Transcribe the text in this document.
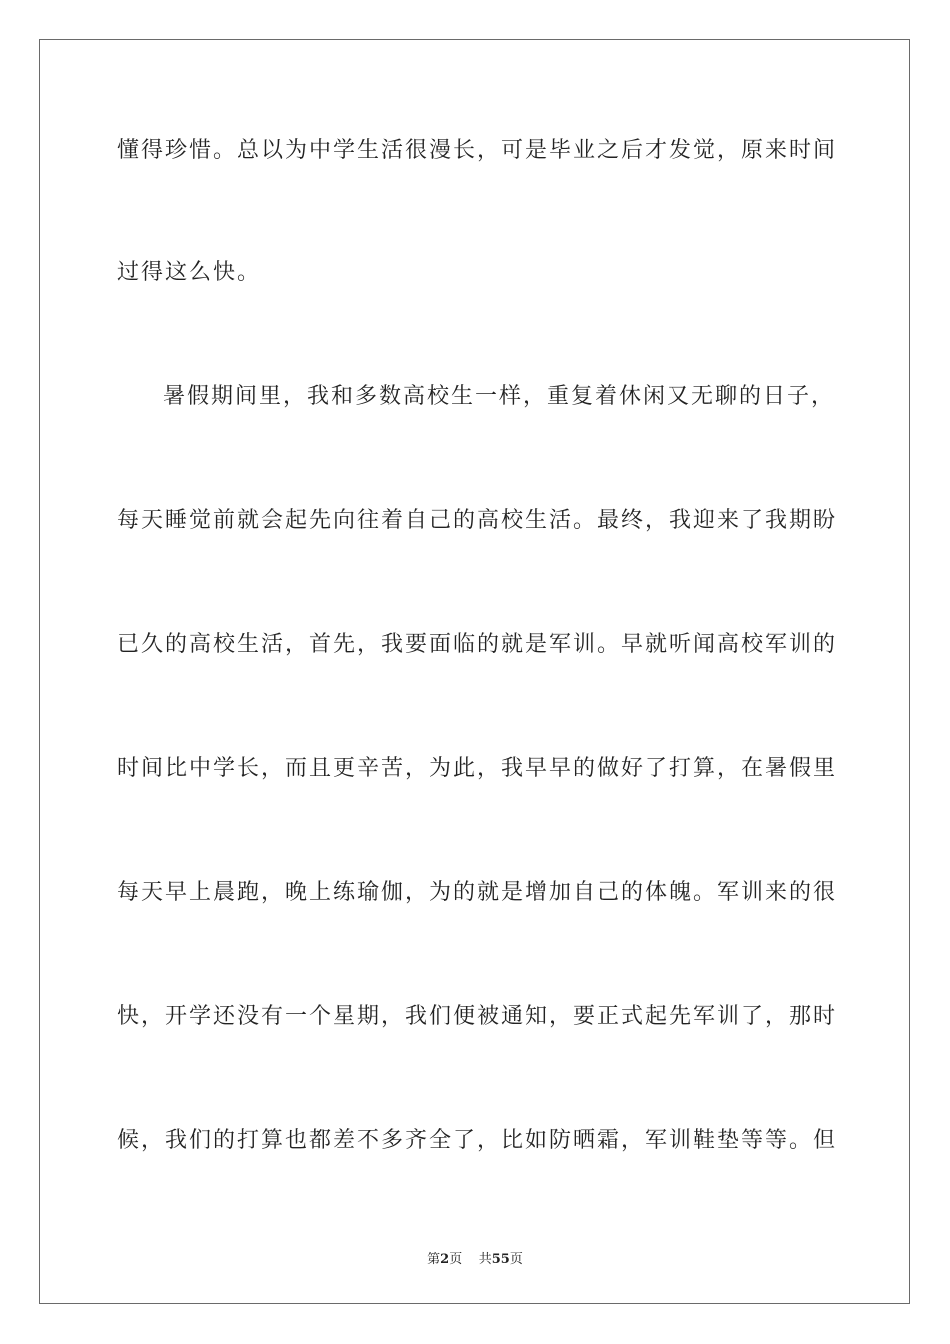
懂得珍惜。总以为中学生活很漫长，可是毕业之后才发觉，原来时间
过得这么快。
暑假期间里，我和多数高校生一样，重复着休闲又无聊的日子，
每天睡觉前就会起先向往着自己的高校生活。最终，我迎来了我期盼
已久的高校生活，首先，我要面临的就是军训。早就听闻高校军训的
时间比中学长，而且更辛苦，为此，我早早的做好了打算，在暑假里
每天早上晨跑，晚上练瑜伽，为的就是增加自己的体魄。军训来的很
快，开学还没有一个星期，我们便被通知，要正式起先军训了，那时
候，我们的打算也都差不多齐全了，比如防晒霜，军训鞋垫等等。但
第2页 共55页
